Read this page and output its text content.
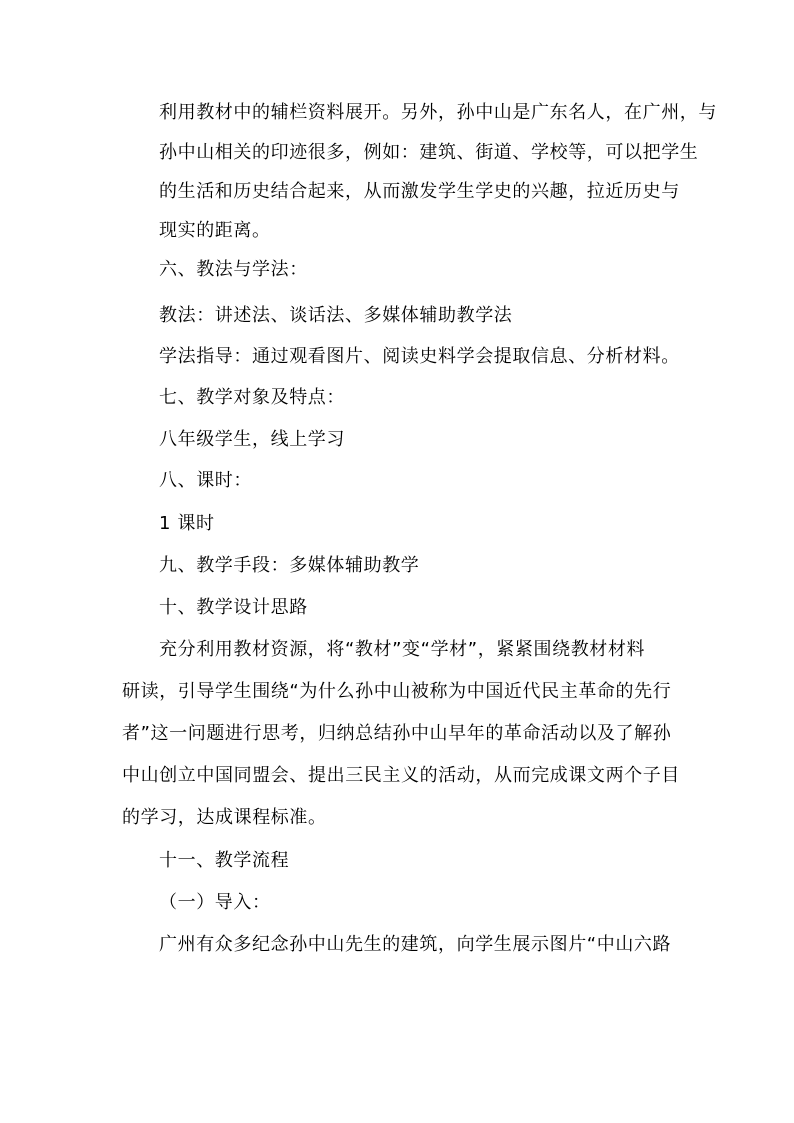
利用教材中的辅栏资料展开。另外，孙中山是广东名人，在广州，与
孙中山相关的印迹很多，例如：建筑、街道、学校等，可以把学生
的生活和历史结合起来，从而激发学生学史的兴趣，拉近历史与
现实的距离。
六、教法与学法：
教法：讲述法、谈话法、多媒体辅助教学法
学法指导：通过观看图片、阅读史料学会提取信息、分析材料。
七、教学对象及特点：
八年级学生，线上学习
八、课时：
1 课时
九、教学手段：多媒体辅助教学
十、教学设计思路
充分利用教材资源，将“教材”变“学材”，紧紧围绕教材材料
研读，引导学生围绕“为什么孙中山被称为中国近代民主革命的先行
者”这一问题进行思考，归纳总结孙中山早年的革命活动以及了解孙
中山创立中国同盟会、提出三民主义的活动，从而完成课文两个子目
的学习，达成课程标准。
十一、教学流程
（一）导入：
广州有众多纪念孙中山先生的建筑，向学生展示图片“中山六路
